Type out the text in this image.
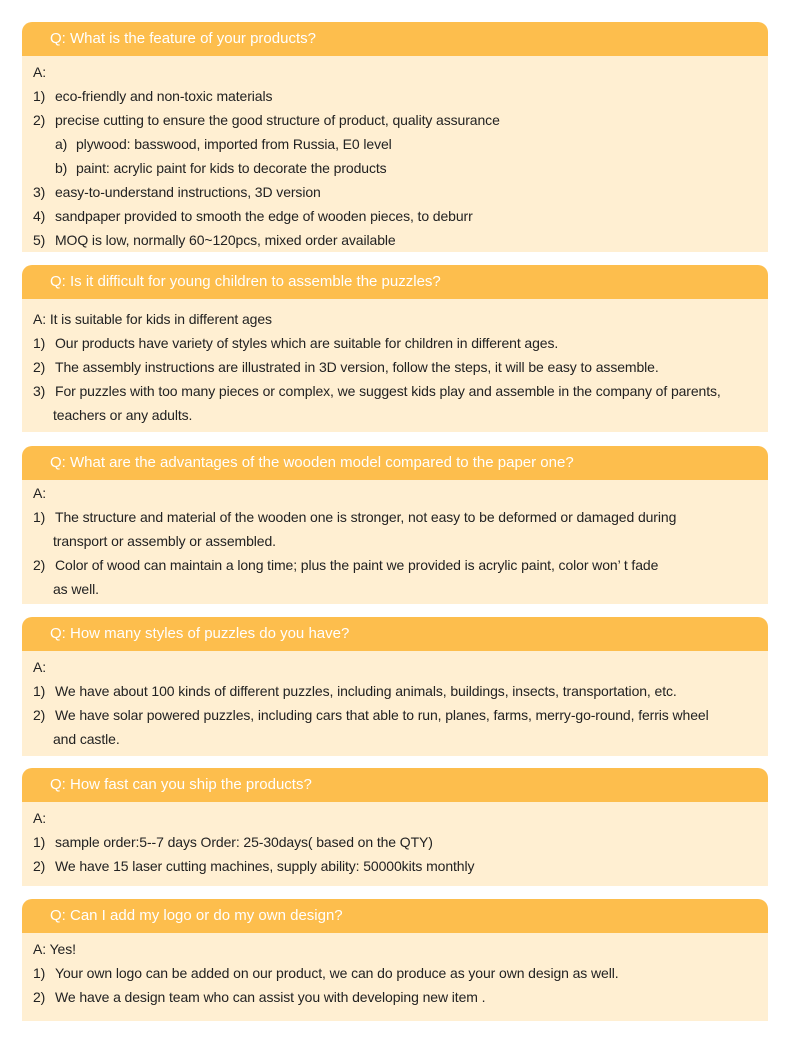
Q: What is the feature of your products?
A:
1) eco-friendly and non-toxic materials
2) precise cutting to ensure the good structure of product, quality assurance
a) plywood: basswood, imported from Russia, E0 level
b) paint: acrylic paint for kids to decorate the products
3) easy-to-understand instructions, 3D version
4) sandpaper provided to smooth the edge of wooden pieces, to deburr
5) MOQ is low, normally 60~120pcs, mixed order available
Q: Is it difficult for young children to assemble the puzzles?
A: It is suitable for kids in different ages
1) Our products have variety of styles which are suitable for children in different ages.
2) The assembly instructions are illustrated in 3D version, follow the steps, it will be easy to assemble.
3) For puzzles with too many pieces or complex, we suggest kids play and assemble in the company of parents,
teachers or any adults.
Q: What are the advantages of the wooden model compared to the paper one?
A:
1) The structure and material of the wooden one is stronger, not easy to be deformed or damaged during
transport or assembly or assembled.
2) Color of wood can maintain a long time; plus the paint we provided is acrylic paint, color won’ t fade
as well.
Q: How many styles of puzzles do you have?
A:
1) We have about 100 kinds of different puzzles, including animals, buildings, insects, transportation, etc.
2) We have solar powered puzzles, including cars that able to run, planes, farms, merry-go-round, ferris wheel
and castle.
Q: How fast can you ship the products?
A:
1) sample order:5--7 days Order: 25-30days( based on the QTY)
2) We have 15 laser cutting machines, supply ability: 50000kits monthly
Q: Can I add my logo or do my own design?
A: Yes!
1) Your own logo can be added on our product, we can do produce as your own design as well.
2) We have a design team who can assist you with developing new item .
